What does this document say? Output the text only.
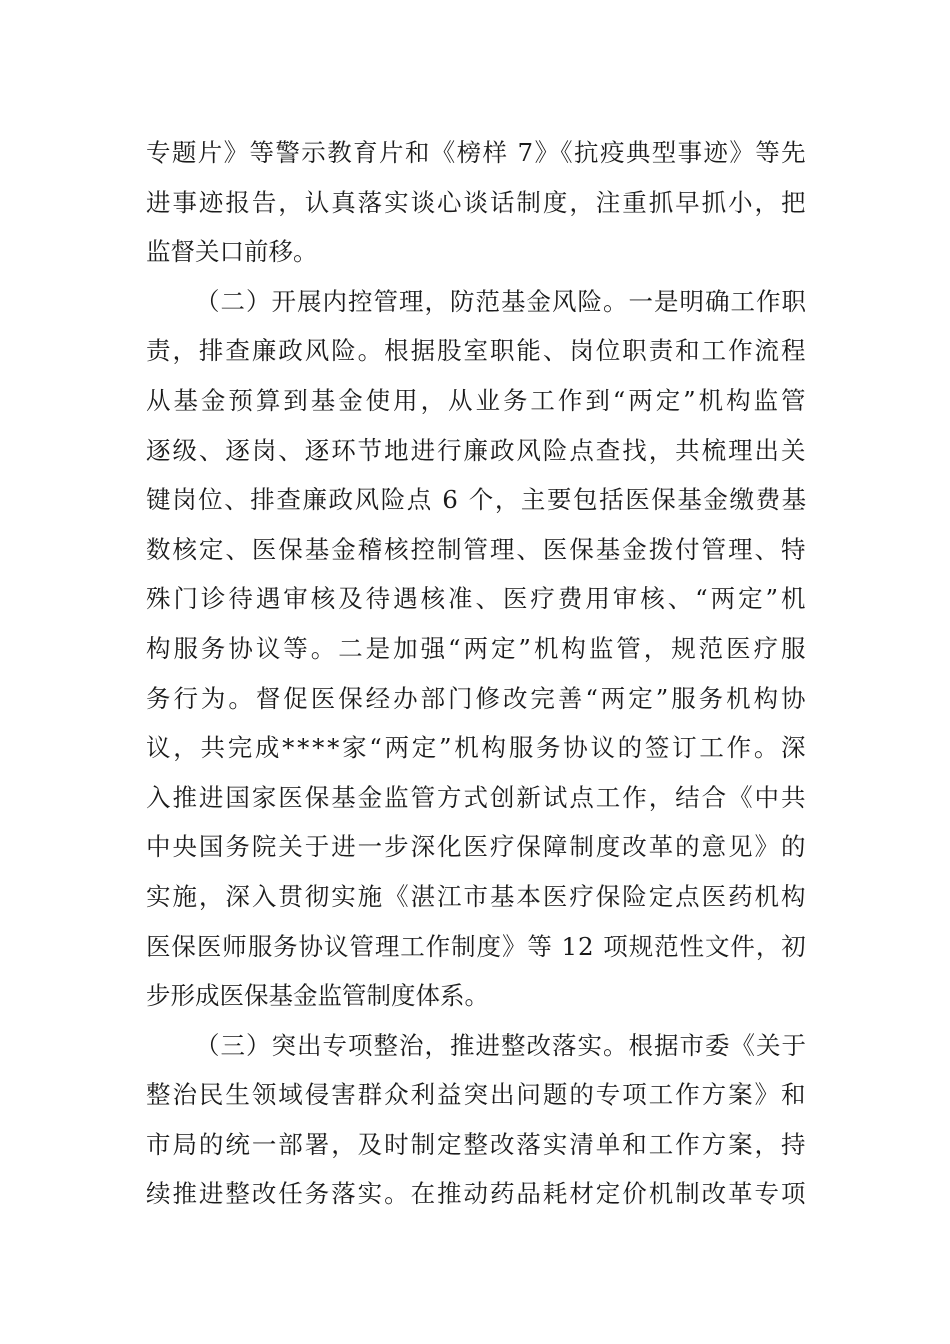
专题片》等警示教育片和《榜样 7》《抗疫典型事迹》等先
进事迹报告，认真落实谈心谈话制度，注重抓早抓小，把
监督关口前移。
（二）开展内控管理，防范基金风险。一是明确工作职
责，排查廉政风险。根据股室职能、岗位职责和工作流程
从基金预算到基金使用，从业务工作到“两定”机构监管
逐级、逐岗、逐环节地进行廉政风险点查找，共梳理出关
键岗位、排查廉政风险点 6 个，主要包括医保基金缴费基
数核定、医保基金稽核控制管理、医保基金拨付管理、特
殊门诊待遇审核及待遇核准、医疗费用审核、“两定”机
构服务协议等。二是加强“两定”机构监管，规范医疗服
务行为。督促医保经办部门修改完善“两定”服务机构协
议，共完成****家“两定”机构服务协议的签订工作。深
入推进国家医保基金监管方式创新试点工作，结合《中共
中央国务院关于进一步深化医疗保障制度改革的意见》的
实施，深入贯彻实施《湛江市基本医疗保险定点医药机构
医保医师服务协议管理工作制度》等 12 项规范性文件，初
步形成医保基金监管制度体系。
（三）突出专项整治，推进整改落实。根据市委《关于
整治民生领域侵害群众利益突出问题的专项工作方案》和
市局的统一部署，及时制定整改落实清单和工作方案，持
续推进整改任务落实。在推动药品耗材定价机制改革专项
